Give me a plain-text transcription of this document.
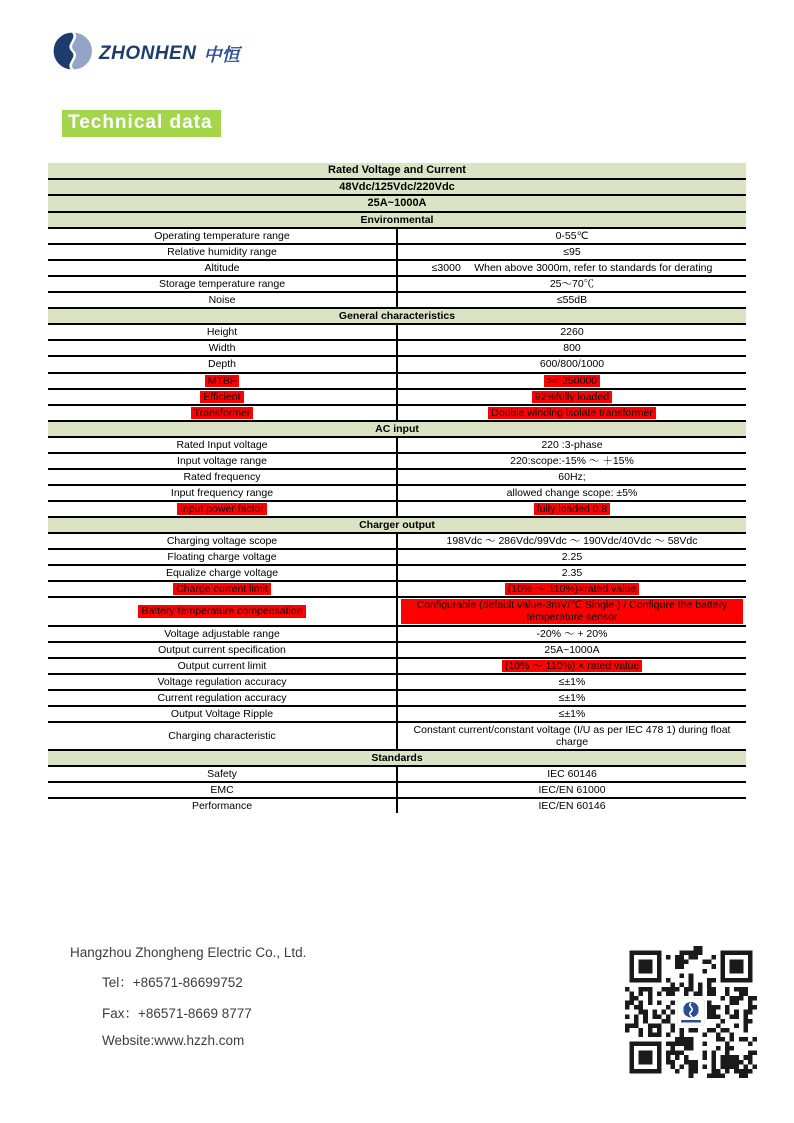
ZHONHEN 中恒
Technical data
Rated Voltage and Current	
48Vdc/125Vdc/220Vdc	
25A~1000A	
Environmental	
Operating temperature range	0-55℃
Relative humidity range	≤95
Altitude	≤3000　 When above 3000m, refer to standards for derating
Storage temperature range	25～70℃
Noise	≤55dB
General characteristics	
Height	2260
Width	800
Depth	600/800/1000
MTBF	>= 250000
Efficient	92%fully loaded
Transformer	Double winding isolate transformer
AC input	
Rated Input voltage	220 :3-phase
Input voltage range	220:scope:-15% ～ ＋15%
Rated frequency	60Hz;
Input frequency range	allowed change scope: ±5%
Input power factor	fully loaded 0.8
Charger output	
Charging voltage scope	198Vdc ～ 286Vdc/99Vdc ～ 190Vdc/40Vdc ～ 58Vdc
Floating charge voltage	2.25
Equalize charge voltage	2.35
Charge current limit	(10% ～ 110%)×rated value
Battery temperature compensation	Configurable (default value-3mV/℃ Single ) / Configure the battery temperature sensor
Voltage adjustable range	-20% ～ + 20%
Output current specification	25A~1000A
Output current limit	(10% ～ 110%) × rated value
Voltage regulation accuracy	≤±1%
Current regulation accuracy	≤±1%
Output Voltage Ripple	≤±1%
Charging characteristic	Constant current/constant voltage (I/U as per IEC 478 1) during float charge
Standards	
Safety	IEC 60146
EMC	IEC/EN 61000
Performance	IEC/EN 60146
Hangzhou Zhongheng Electric Co., Ltd.
Tel：+86571-86699752
Fax：+86571-8669 8777
Website:www.hzzh.com
